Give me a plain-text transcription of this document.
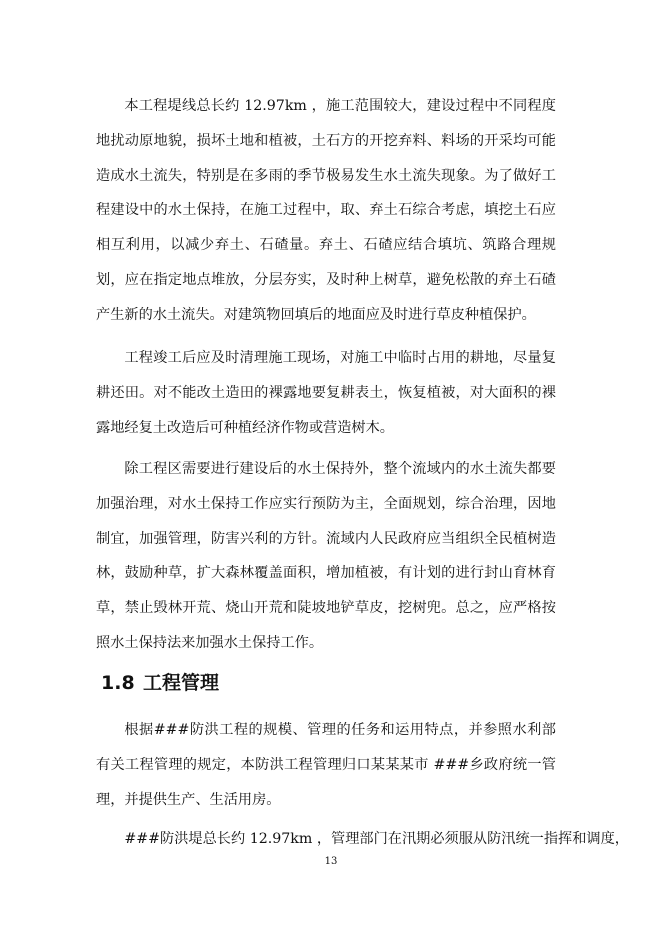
本工程堤线总长约 12.97km ，施工范围较大，建设过程中不同程度地扰动原地貌，损坏土地和植被，土石方的开挖弃料、料场的开采均可能造成水土流失，特别是在多雨的季节极易发生水土流失现象。为了做好工程建设中的水土保持，在施工过程中，取、弃土石综合考虑，填挖土石应相互利用，以减少弃土、石碴量。弃土、石碴应结合填坑、筑路合理规划，应在指定地点堆放，分层夯实，及时种上树草，避免松散的弃土石碴产生新的水土流失。对建筑物回填后的地面应及时进行草皮种植保护。

工程竣工后应及时清理施工现场，对施工中临时占用的耕地，尽量复耕还田。对不能改土造田的裸露地要复耕表土，恢复植被，对大面积的裸露地经复土改造后可种植经济作物或营造树木。

除工程区需要进行建设后的水土保持外，整个流域内的水土流失都要加强治理，对水土保持工作应实行预防为主，全面规划，综合治理，因地制宜，加强管理，防害兴利的方针。流域内人民政府应当组织全民植树造林，鼓励种草，扩大森林覆盖面积，增加植被，有计划的进行封山育林育草，禁止毁林开荒、烧山开荒和陡坡地铲草皮，挖树兜。总之，应严格按照水土保持法来加强水土保持工作。

1.8 工程管理

根据###防洪工程的规模、管理的任务和运用特点，并参照水利部有关工程管理的规定，本防洪工程管理归口某某某市 ###乡政府统一管理，并提供生产、生活用房。

###防洪堤总长约 12.97km ，管理部门在汛期必须服从防汛统一指挥和调度，

13
